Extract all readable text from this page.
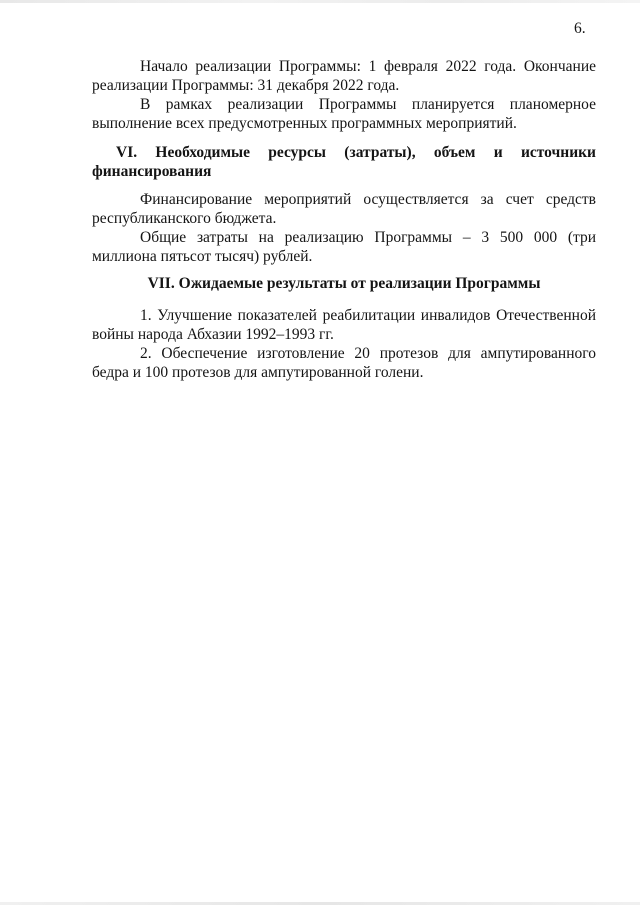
6.

Начало реализации Программы: 1 февраля 2022 года. Окончание реализации Программы: 31 декабря 2022 года.

В рамках реализации Программы планируется планомерное выполнение всех предусмотренных программных мероприятий.

VI. Необходимые ресурсы (затраты), объем и источники финансирования

Финансирование мероприятий осуществляется за счет средств республиканского бюджета.

Общие затраты на реализацию Программы – 3 500 000 (три миллиона пятьсот тысяч) рублей.

VII. Ожидаемые результаты от реализации Программы

1. Улучшение показателей реабилитации инвалидов Отечественной войны народа Абхазии 1992–1993 гг.

2. Обеспечение изготовление 20 протезов для ампутированного бедра и 100 протезов для ампутированной голени.
